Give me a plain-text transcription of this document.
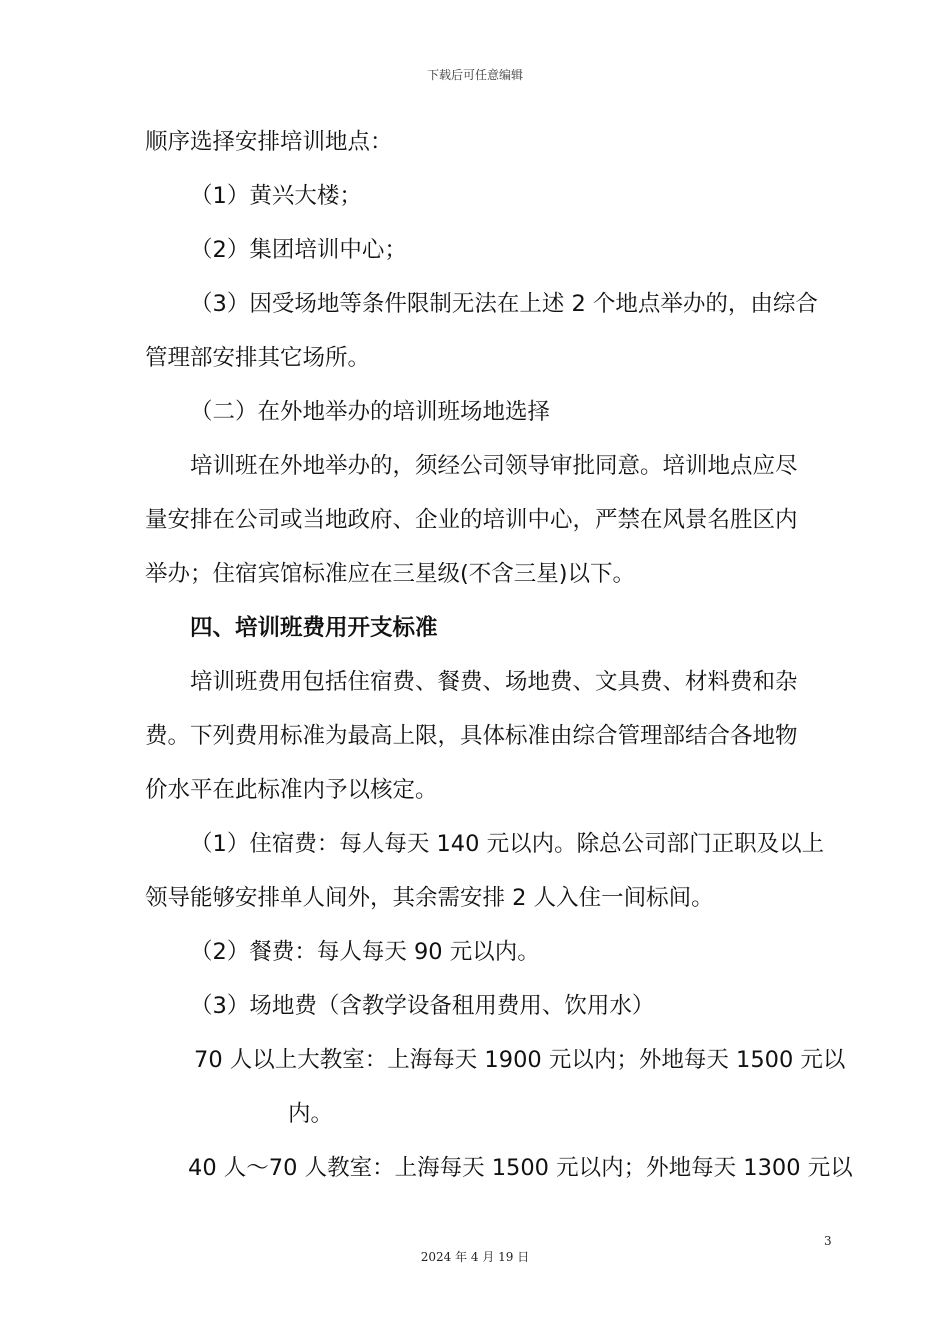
下载后可任意编辑
顺序选择安排培训地点：
（1）黄兴大楼；
（2）集团培训中心；
（3）因受场地等条件限制无法在上述 2 个地点举办的，由综合
管理部安排其它场所。
（二）在外地举办的培训班场地选择
培训班在外地举办的，须经公司领导审批同意。培训地点应尽
量安排在公司或当地政府、企业的培训中心，严禁在风景名胜区内
举办；住宿宾馆标准应在三星级(不含三星)以下。
四、培训班费用开支标准
培训班费用包括住宿费、餐费、场地费、文具费、材料费和杂
费。下列费用标准为最高上限，具体标准由综合管理部结合各地物
价水平在此标准内予以核定。
（1）住宿费：每人每天 140 元以内。除总公司部门正职及以上
领导能够安排单人间外，其余需安排 2 人入住一间标间。
（2）餐费：每人每天 90 元以内。
（3）场地费（含教学设备租用费用、饮用水）
70 人以上大教室：上海每天 1900 元以内；外地每天 1500 元以
内。
40 人～70 人教室：上海每天 1500 元以内；外地每天 1300 元以
3
2024 年 4 月 19 日
